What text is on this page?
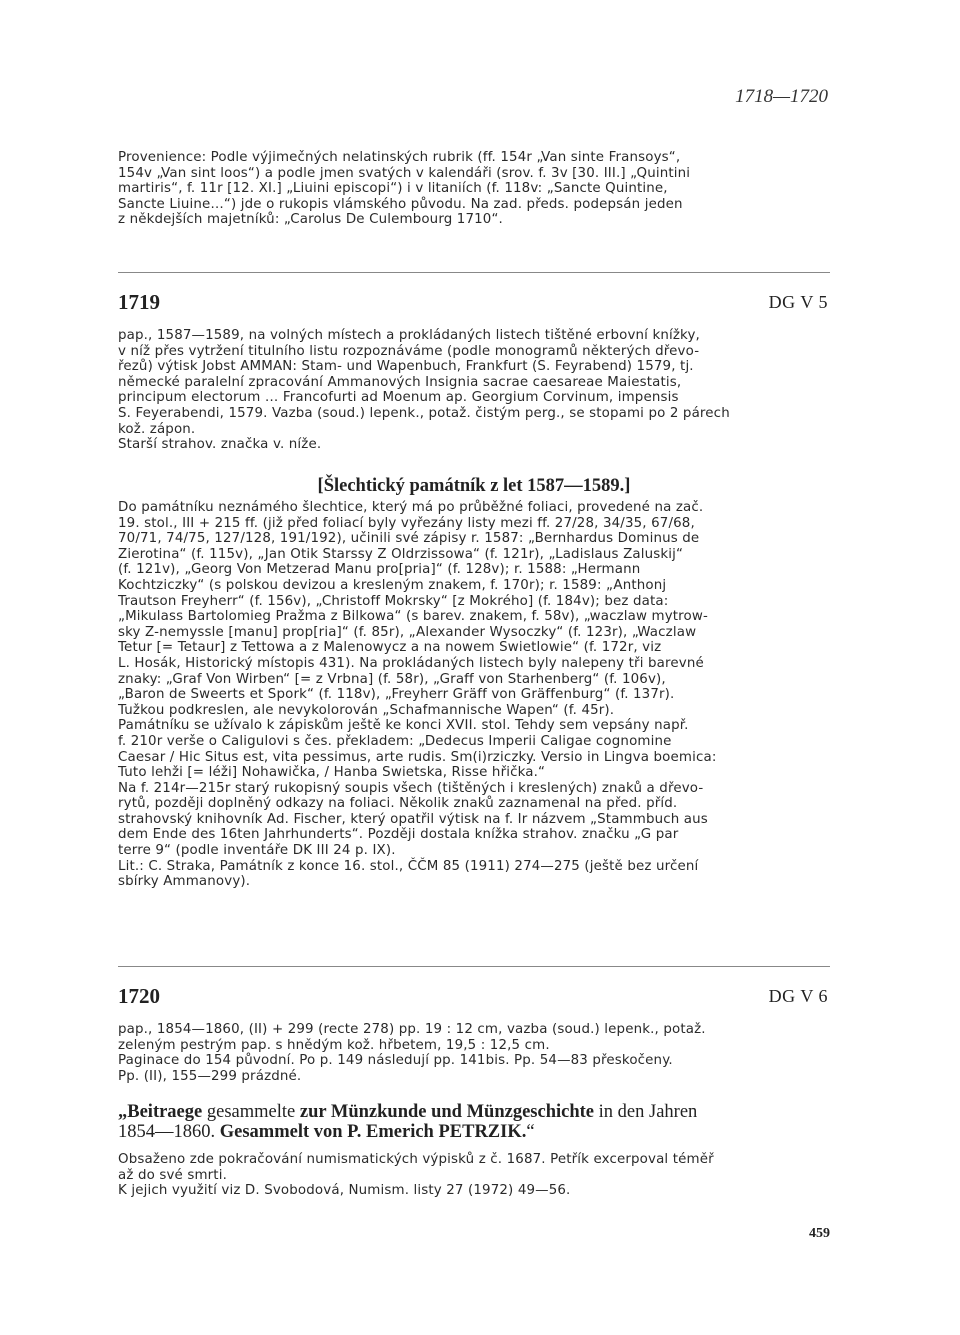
1718—1720

Provenience: Podle výjimečných nelatinských rubrik (ff. 154r „Van sinte Fransoys“,

154v „Van sint loos“) a podle jmen svatých v kalendáři (srov. f. 3v [30. III.] „Quintini

martiris“, f. 11r [12. XI.] „Liuini episcopi“) i v litaniích (f. 118v: „Sancte Quintine,

Sancte Liuine…“) jde o rukopis vlámského původu. Na zad. předs. podepsán jeden

z někdejších majetníků: „Carolus De Culembourg 1710“.

1719	DG V 5

pap., 1587—1589, na volných místech a prokládaných listech tištěné erbovní knížky,

v níž přes vytržení titulního listu rozpoznáváme (podle monogramů některých dřevo-

řezů) výtisk Jobst AMMAN: Stam- und Wapenbuch, Frankfurt (S. Feyrabend) 1579, tj.

německé paralelní zpracování Ammanových Insignia sacrae caesareae Maiestatis,

principum electorum … Francofurti ad Moenum ap. Georgium Corvinum, impensis

S. Feyerabendi, 1579. Vazba (soud.) lepenk., potaž. čistým perg., se stopami po 2 párech

kož. zápon.

Starší strahov. značka v. níže.

[Šlechtický památník z let 1587—1589.]

Do památníku neznámého šlechtice, který má po průběžné foliaci, provedené na zač.

19. stol., III + 215 ff. (již před foliací byly vyřezány listy mezi ff. 27/28, 34/35, 67/68,

70/71, 74/75, 127/128, 191/192), učinili své zápisy r. 1587: „Bernhardus Dominus de

Zierotina“ (f. 115v), „Jan Otik Starssy Z Oldrzissowa“ (f. 121r), „Ladislaus Zaluskij“

(f. 121v), „Georg Von Metzerad Manu pro[pria]“ (f. 128v); r. 1588: „Hermann

Kochtziczky“ (s polskou devizou a kresleným znakem, f. 170r); r. 1589: „Anthonj

Trautson Freyherr“ (f. 156v), „Christoff Mokrsky“ [z Mokrého] (f. 184v); bez data:

„Mikulass Bartolomieg Pražma z Bilkowa“ (s barev. znakem, f. 58v), „waczlaw mytrow-

sky Z-nemyssle [manu] prop[ria]“ (f. 85r), „Alexander Wysoczky“ (f. 123r), „Waczlaw

Tetur [= Tetaur] z Tettowa a z Malenowycz a na nowem Swietlowie“ (f. 172r, viz

L. Hosák, Historický místopis 431). Na prokládaných listech byly nalepeny tři barevné

znaky: „Graf Von Wirben“ [= z Vrbna] (f. 58r), „Graff von Starhenberg“ (f. 106v),

„Baron de Sweerts et Spork“ (f. 118v), „Freyherr Gräff von Gräffenburg“ (f. 137r).

Tužkou podkreslen, ale nevykolorován „Schafmannische Wapen“ (f. 45r).

Památníku se užívalo k zápiskům ještě ke konci XVII. stol. Tehdy sem vepsány např.

f. 210r verše o Caligulovi s čes. překladem: „Dedecus Imperii Caligae cognomine

Caesar / Hic Situs est, vita pessimus, arte rudis. Sm(i)rziczky. Versio in Lingva boemica:

Tuto lehži [= léži] Nohawička, / Hanba Swietska, Risse hřička.“

Na f. 214r—215r starý rukopisný soupis všech (tištěných i kreslených) znaků a dřevo-

rytů, později doplněný odkazy na foliaci. Několik znaků zaznamenal na před. příd.

strahovský knihovník Ad. Fischer, který opatřil výtisk na f. Ir názvem „Stammbuch aus

dem Ende des 16ten Jahrhunderts“. Později dostala knížka strahov. značku „G par

terre 9“ (podle inventáře DK III 24 p. IX).

Lit.: C. Straka, Památník z konce 16. stol., ČČM 85 (1911) 274—275 (ještě bez určení

sbírky Ammanovy).

1720	DG V 6

pap., 1854—1860, (II) + 299 (recte 278) pp. 19 : 12 cm, vazba (soud.) lepenk., potaž.

zeleným pestrým pap. s hnědým kož. hřbetem, 19,5 : 12,5 cm.

Paginace do 154 původní. Po p. 149 následují pp. 141bis. Pp. 54—83 přeskočeny.

Pp. (II), 155—299 prázdné.

„Beitraege gesammelte zur Münzkunde und Münzgeschichte in den Jahren
1854—1860. Gesammelt von P. Emerich PETRZIK.“

Obsaženo zde pokračování numismatických výpisků z č. 1687. Petřík excerpoval téměř

až do své smrti.

K jejich využití viz D. Svobodová, Numism. listy 27 (1972) 49—56.

459
